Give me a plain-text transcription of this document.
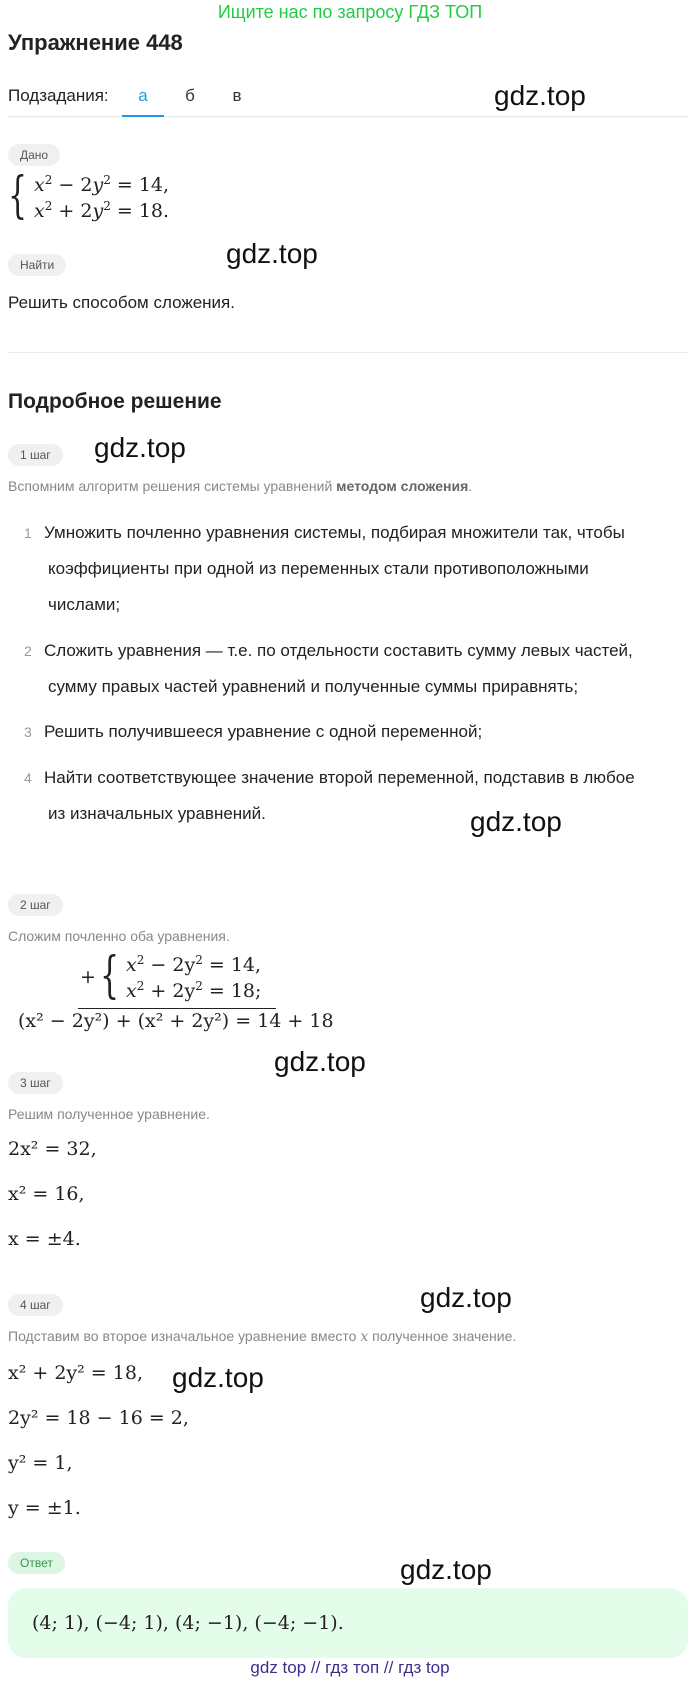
Ищите нас по запросу ГДЗ ТОП
Упражнение 448
Подзадания:	а	б	в	gdz.top
Дано
{ $x^2 - 2y^2 = 14$,
$x^2 + 2y^2 = 18$.
Найти	gdz.top
Решить способом сложения.
Подробное решение
1 шаг	gdz.top
Вспомним алгоритм решения системы уравнений методом сложения.
1 Умножить почленно уравнения системы, подбирая множители так, чтобы
коэффициенты при одной из переменных стали противоположными
числами;
2 Сложить уравнения — т.е. по отдельности составить сумму левых частей,
сумму правых частей уравнений и полученные суммы приравнять;
3 Решить получившееся уравнение с одной переменной;
4 Найти соответствующее значение второй переменной, подставив в любое
из изначальных уравнений.	gdz.top
2 шаг
Сложим почленно оба уравнения.
+ { $x^2 - 2y^2 = 14$,
$x^2 + 2y^2 = 18$;
(x² − 2y²) + (x² + 2y²) = 14 + 18
gdz.top
3 шаг
Решим полученное уравнение.
2x² = 32,
x² = 16,
x = ±4.
gdz.top
4 шаг
Подставим во второе изначальное уравнение вместо x полученное значение.
x² + 2y² = 18, gdz.top
2y² = 18 − 16 = 2,
y² = 1,
y = ±1.
Ответ	gdz.top
(4; 1), (−4; 1), (4; −1), (−4; −1).
gdz top // гдз топ // гдз top
